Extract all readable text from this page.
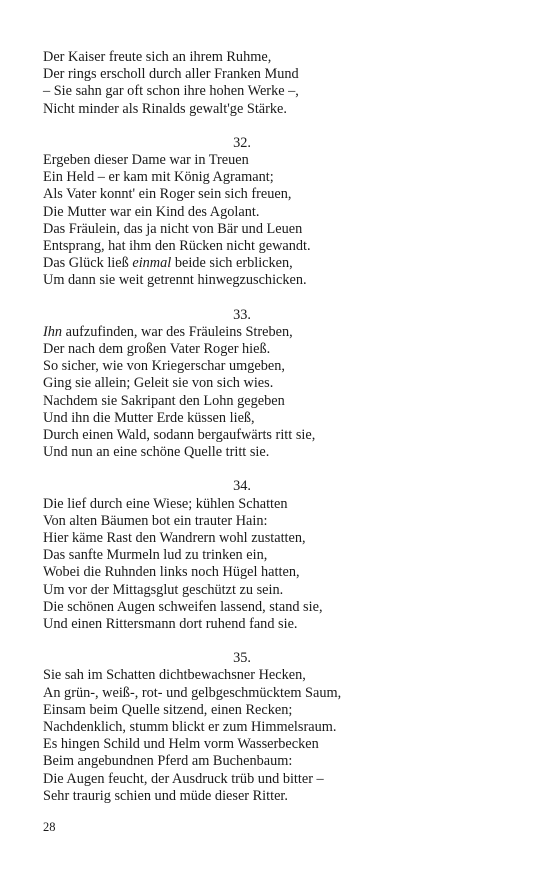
Der Kaiser freute sich an ihrem Ruhme,
Der rings erscholl durch aller Franken Mund
– Sie sahn gar oft schon ihre hohen Werke –,
Nicht minder als Rinalds gewalt'ge Stärke.
32.
Ergeben dieser Dame war in Treuen
Ein Held – er kam mit König Agramant;
Als Vater konnt' ein Roger sein sich freuen,
Die Mutter war ein Kind des Agolant.
Das Fräulein, das ja nicht von Bär und Leuen
Entsprang, hat ihm den Rücken nicht gewandt.
Das Glück ließ einmal beide sich erblicken,
Um dann sie weit getrennt hinwegzuschicken.
33.
Ihn aufzufinden, war des Fräuleins Streben,
Der nach dem großen Vater Roger hieß.
So sicher, wie von Kriegerschar umgeben,
Ging sie allein; Geleit sie von sich wies.
Nachdem sie Sakripant den Lohn gegeben
Und ihn die Mutter Erde küssen ließ,
Durch einen Wald, sodann bergaufwärts ritt sie,
Und nun an eine schöne Quelle tritt sie.
34.
Die lief durch eine Wiese; kühlen Schatten
Von alten Bäumen bot ein trauter Hain:
Hier käme Rast den Wandrern wohl zustatten,
Das sanfte Murmeln lud zu trinken ein,
Wobei die Ruhnden links noch Hügel hatten,
Um vor der Mittagsglut geschützt zu sein.
Die schönen Augen schweifen lassend, stand sie,
Und einen Rittersmann dort ruhend fand sie.
35.
Sie sah im Schatten dichtbewachsner Hecken,
An grün-, weiß-, rot- und gelbgeschmücktem Saum,
Einsam beim Quelle sitzend, einen Recken;
Nachdenklich, stumm blickt er zum Himmelsraum.
Es hingen Schild und Helm vorm Wasserbecken
Beim angebundnen Pferd am Buchenbaum:
Die Augen feucht, der Ausdruck trüb und bitter –
Sehr traurig schien und müde dieser Ritter.
28
